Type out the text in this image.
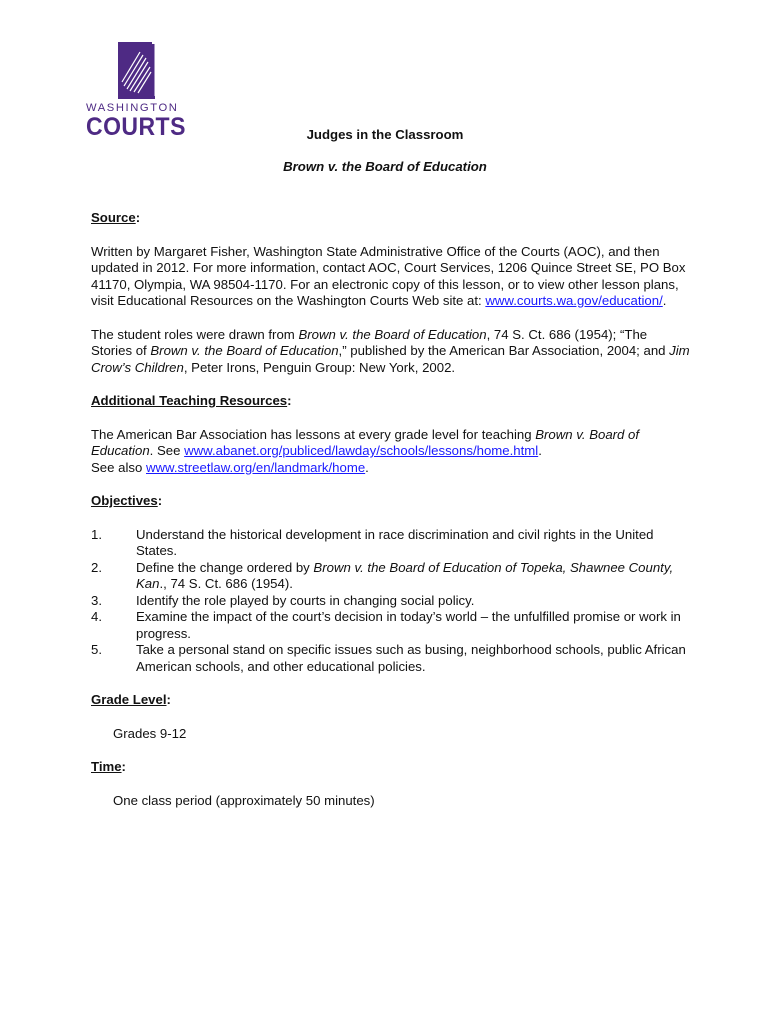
WASHINGTON
COURTS	Judges in the Classroom
Brown v. the Board of Education

Source:

Written by Margaret Fisher, Washington State Administrative Office of the Courts (AOC), and then updated in 2012. For more information, contact AOC, Court Services, 1206 Quince Street SE, PO Box 41170, Olympia, WA 98504-1170. For an electronic copy of this lesson, or to view other lesson plans, visit Educational Resources on the Washington Courts Web site at: www.courts.wa.gov/education/.

The student roles were drawn from Brown v. the Board of Education, 74 S. Ct. 686 (1954); “The Stories of Brown v. the Board of Education,” published by the American Bar Association, 2004; and Jim Crow’s Children, Peter Irons, Penguin Group: New York, 2002.

Additional Teaching Resources:

The American Bar Association has lessons at every grade level for teaching Brown v. Board of Education. See www.abanet.org/publiced/lawday/schools/lessons/home.html.
See also www.streetlaw.org/en/landmark/home.

Objectives:

1.	Understand the historical development in race discrimination and civil rights in the United States.
2.	Define the change ordered by Brown v. the Board of Education of Topeka, Shawnee County, Kan., 74 S. Ct. 686 (1954).
3.	Identify the role played by courts in changing social policy.
4.	Examine the impact of the court’s decision in today’s world – the unfulfilled promise or work in progress.
5.	Take a personal stand on specific issues such as busing, neighborhood schools, public African American schools, and other educational policies.

Grade Level:

Grades 9-12

Time:

One class period (approximately 50 minutes)
